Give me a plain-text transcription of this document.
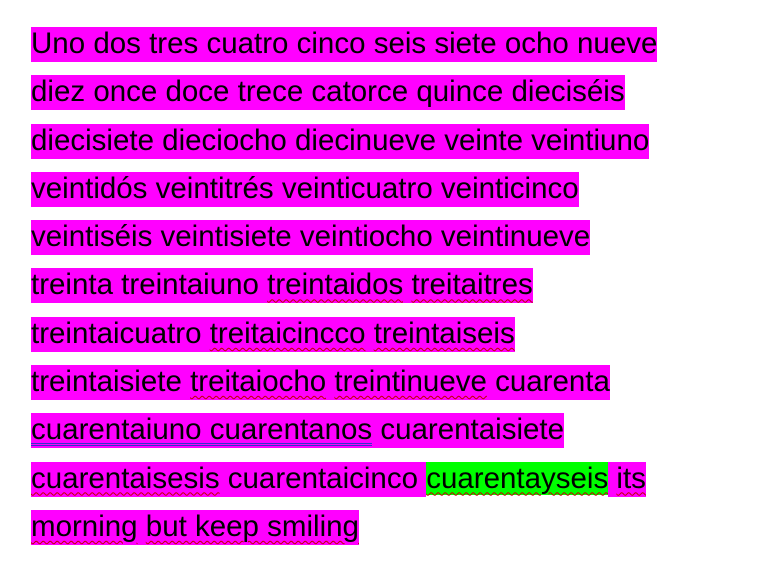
Uno dos tres cuatro cinco seis siete ocho nueve
diez once doce trece catorce quince dieciséis
diecisiete dieciocho diecinueve veinte veintiuno
veintidós veintitrés veinticuatro veinticinco
veintiséis veintisiete veintiocho veintinueve
treinta treintaiuno treintaidos treitaitres
treintaicuatro treitaicincco treintaiseis
treintaisiete treitaiocho treintinueve cuarenta
cuarentaiuno cuarentanos cuarentaisiete
cuarentaisesis cuarentaicinco cuarentayseis its
morning but keep smiling
